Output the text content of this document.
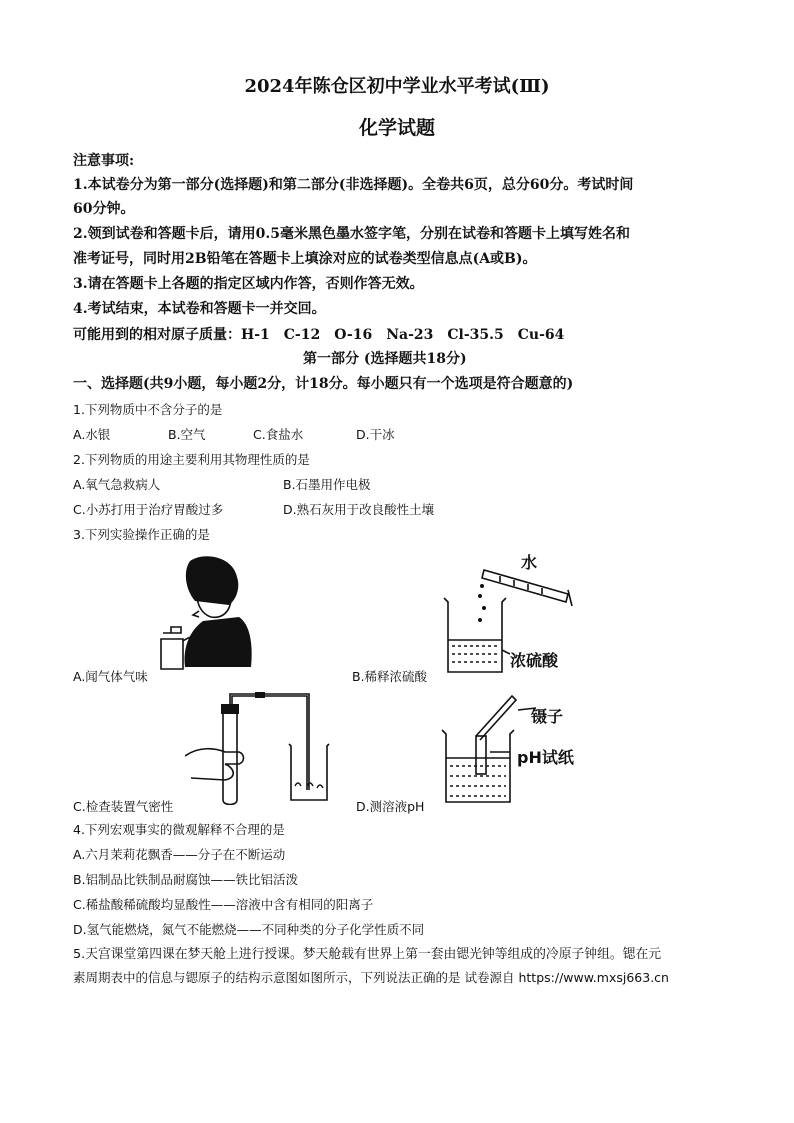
2024年陈仓区初中学业水平考试(Ⅲ)
化学试题
注意事项:
1.本试卷分为第一部分(选择题)和第二部分(非选择题)。全卷共6页，总分60分。考试时间
60分钟。
2.领到试卷和答题卡后，请用0.5毫米黑色墨水签字笔，分别在试卷和答题卡上填写姓名和
准考证号，同时用2B铅笔在答题卡上填涂对应的试卷类型信息点(A或B)。
3.请在答题卡上各题的指定区域内作答，否则作答无效。
4.考试结束，本试卷和答题卡一并交回。
可能用到的相对原子质量：H-1　C-12　O-16　Na-23　Cl-35.5　Cu-64
第一部分 (选择题共18分)
一、选择题(共9小题，每小题2分，计18分。每小题只有一个选项是符合题意的)
1.下列物质中不含分子的是
A.水银	B.空气	C.食盐水	D.干冰
2.下列物质的用途主要利用其物理性质的是
A.氧气急救病人	B.石墨用作电极
C.小苏打用于治疗胃酸过多	D.熟石灰用于改良酸性土壤
3.下列实验操作正确的是
A.闻气体气味
水
浓硫酸
B.稀释浓硫酸
C.检查装置气密性
镊子
pH试纸
D.测溶液pH
4.下列宏观事实的微观解释不合理的是
A.六月茉莉花飘香——分子在不断运动
B.铝制品比铁制品耐腐蚀——铁比铝活泼
C.稀盐酸稀硫酸均显酸性——溶液中含有相同的阳离子
D.氢气能燃烧，氮气不能燃烧——不同种类的分子化学性质不同
5.天宫课堂第四课在梦天舱上进行授课。梦天舱载有世界上第一套由锶光钟等组成的冷原子钟组。锶在元
素周期表中的信息与锶原子的结构示意图如图所示，下列说法正确的是 试卷源自 https://www.mxsj663.cn
